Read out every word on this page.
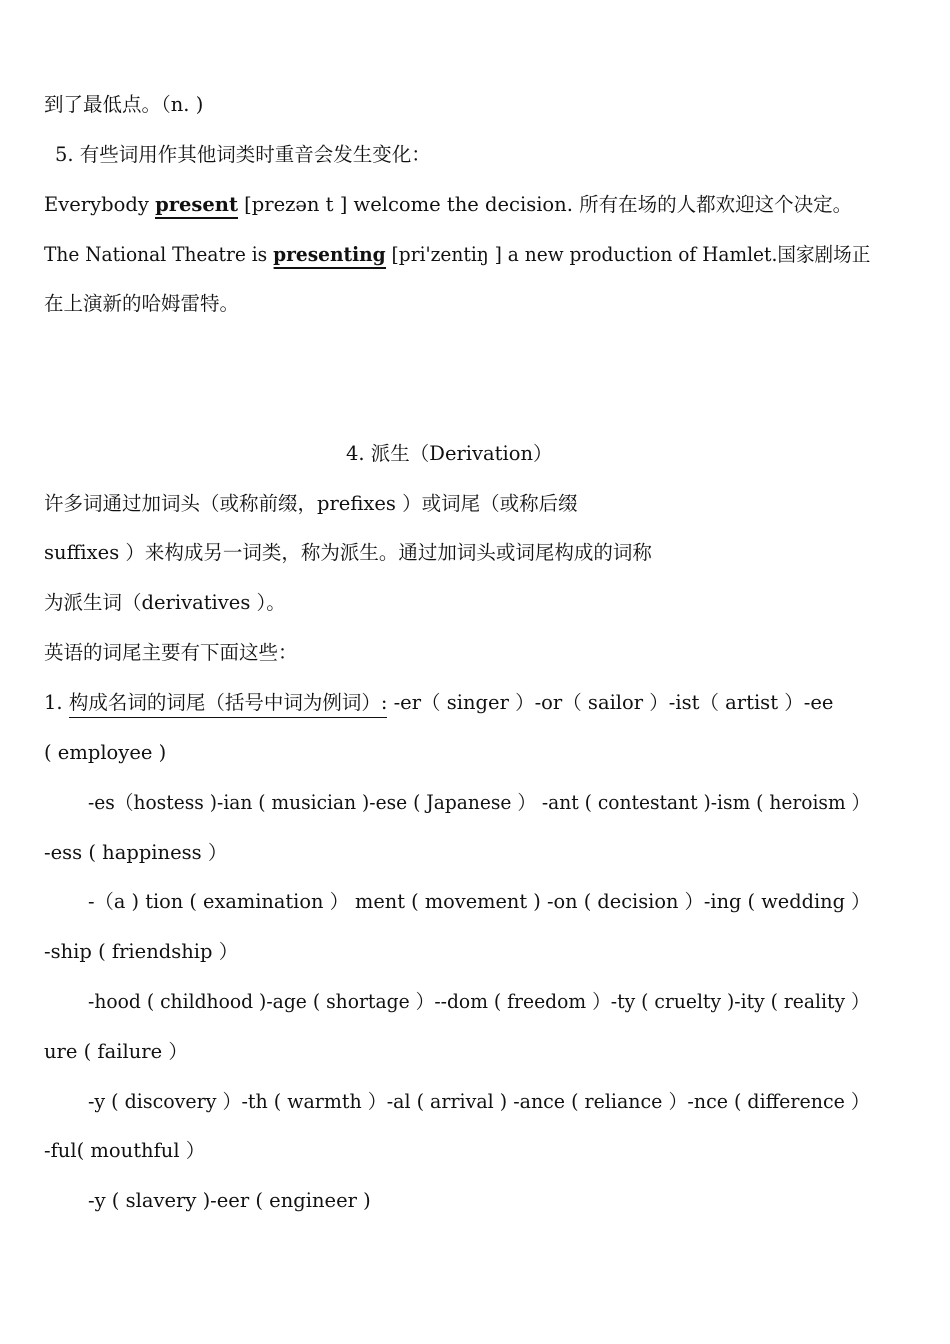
到了最低点。（n. )
5. 有些词用作其他词类时重音会发生变化：
Everybody present [prezən t ] welcome the decision. 所有在场的人都欢迎这个决定。
The National Theatre is presenting [pri'zentiŋ ] a new production of Hamlet.国家剧场正
在上演新的哈姆雷特。
4. 派生（Derivation）
许多词通过加词头（或称前缀，prefixes ）或词尾（或称后缀
suffixes ）来构成另一词类，称为派生。通过加词头或词尾构成的词称
为派生词（derivatives ）。
英语的词尾主要有下面这些：
1. 构成名词的词尾（括号中词为例词）: -er（ singer ）-or（ sailor ）-ist（ artist ）-ee
( employee )
-es（hostess )-ian ( musician )-ese ( Japanese ） -ant ( contestant )-ism ( heroism ）
-ess ( happiness ）
-（a ) tion ( examination ） ment ( movement ) -on ( decision ）-ing ( wedding ）
-ship ( friendship ）
-hood ( childhood )-age ( shortage ）--dom ( freedom ）-ty ( cruelty )-ity ( reality ）
ure ( failure ）
-y ( discovery ）-th ( warmth ）-al ( arrival ) -ance ( reliance ）-nce ( difference ）
-ful( mouthful ）
-y ( slavery )-eer ( engineer )
